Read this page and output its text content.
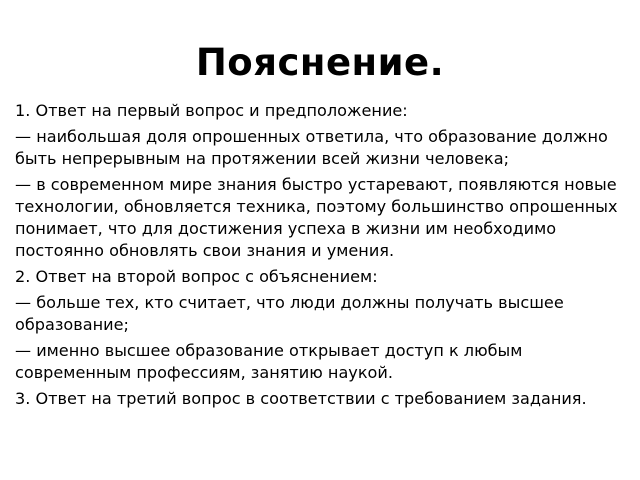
Пояснение.

1. Ответ на первый вопрос и предположение:

— наибольшая доля опрошенных ответила, что образование должно быть непрерывным на протяжении всей жизни человека;

— в современном мире знания быстро устаревают, появляются новые технологии, обновляется техника, поэтому большинство опрошенных понимает, что для достижения успеха в жизни им необходимо постоянно обновлять свои знания и умения.

2. Ответ на второй вопрос с объяснением:

— больше тех, кто считает, что люди должны получать высшее образование;

— именно высшее образование открывает доступ к любым современным профессиям, занятию наукой.

3. Ответ на третий вопрос в соответствии с требованием задания.
